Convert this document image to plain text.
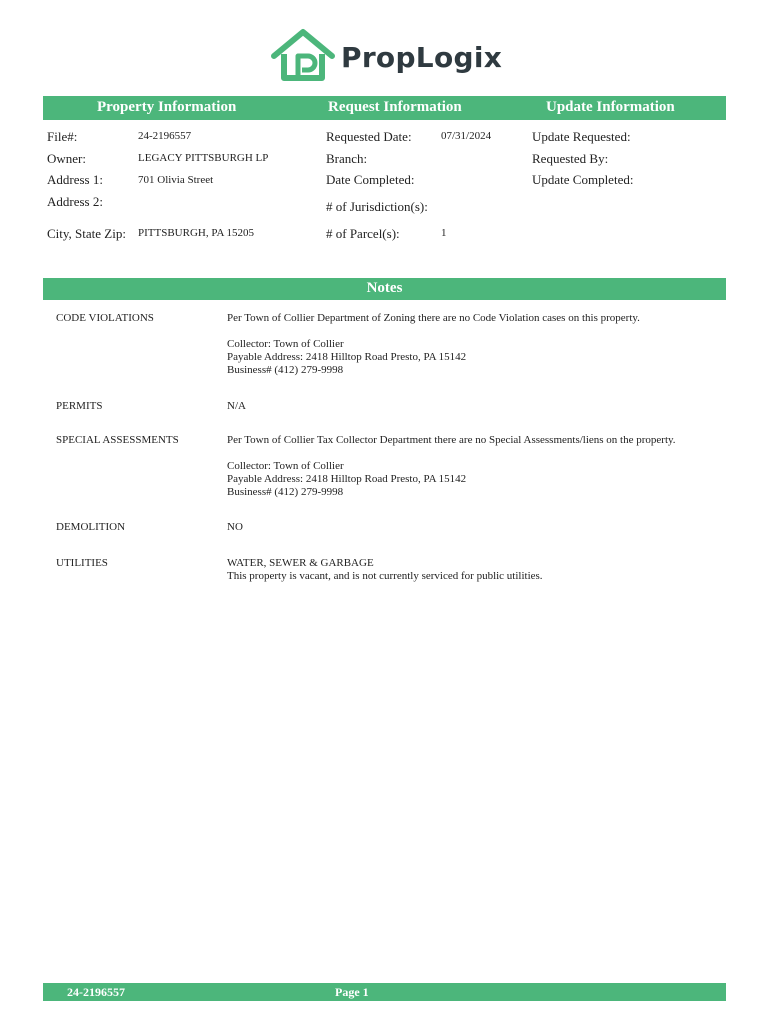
PropLogix
Property Information	Request Information	Update Information
File#:	24-2196557
Owner:	LEGACY PITTSBURGH LP
Address 1:	701 Olivia Street
Address 2:
City, State Zip: PITTSBURGH, PA 15205
Requested Date:	07/31/2024
Branch:
Date Completed:
# of Jurisdiction(s):
# of Parcel(s):	1
Update Requested:
Requested By:
Update Completed:
Notes
CODE VIOLATIONS	Per Town of Collier Department of Zoning there are no Code Violation cases on this property.
Collector: Town of Collier
Payable Address: 2418 Hilltop Road Presto, PA 15142
Business# (412) 279-9998
PERMITS	N/A
SPECIAL ASSESSMENTS	Per Town of Collier Tax Collector Department there are no Special Assessments/liens on the property.
Collector: Town of Collier
Payable Address: 2418 Hilltop Road Presto, PA 15142
Business# (412) 279-9998
DEMOLITION	NO
UTILITIES	WATER, SEWER & GARBAGE
This property is vacant, and is not currently serviced for public utilities.
24-2196557	Page 1
